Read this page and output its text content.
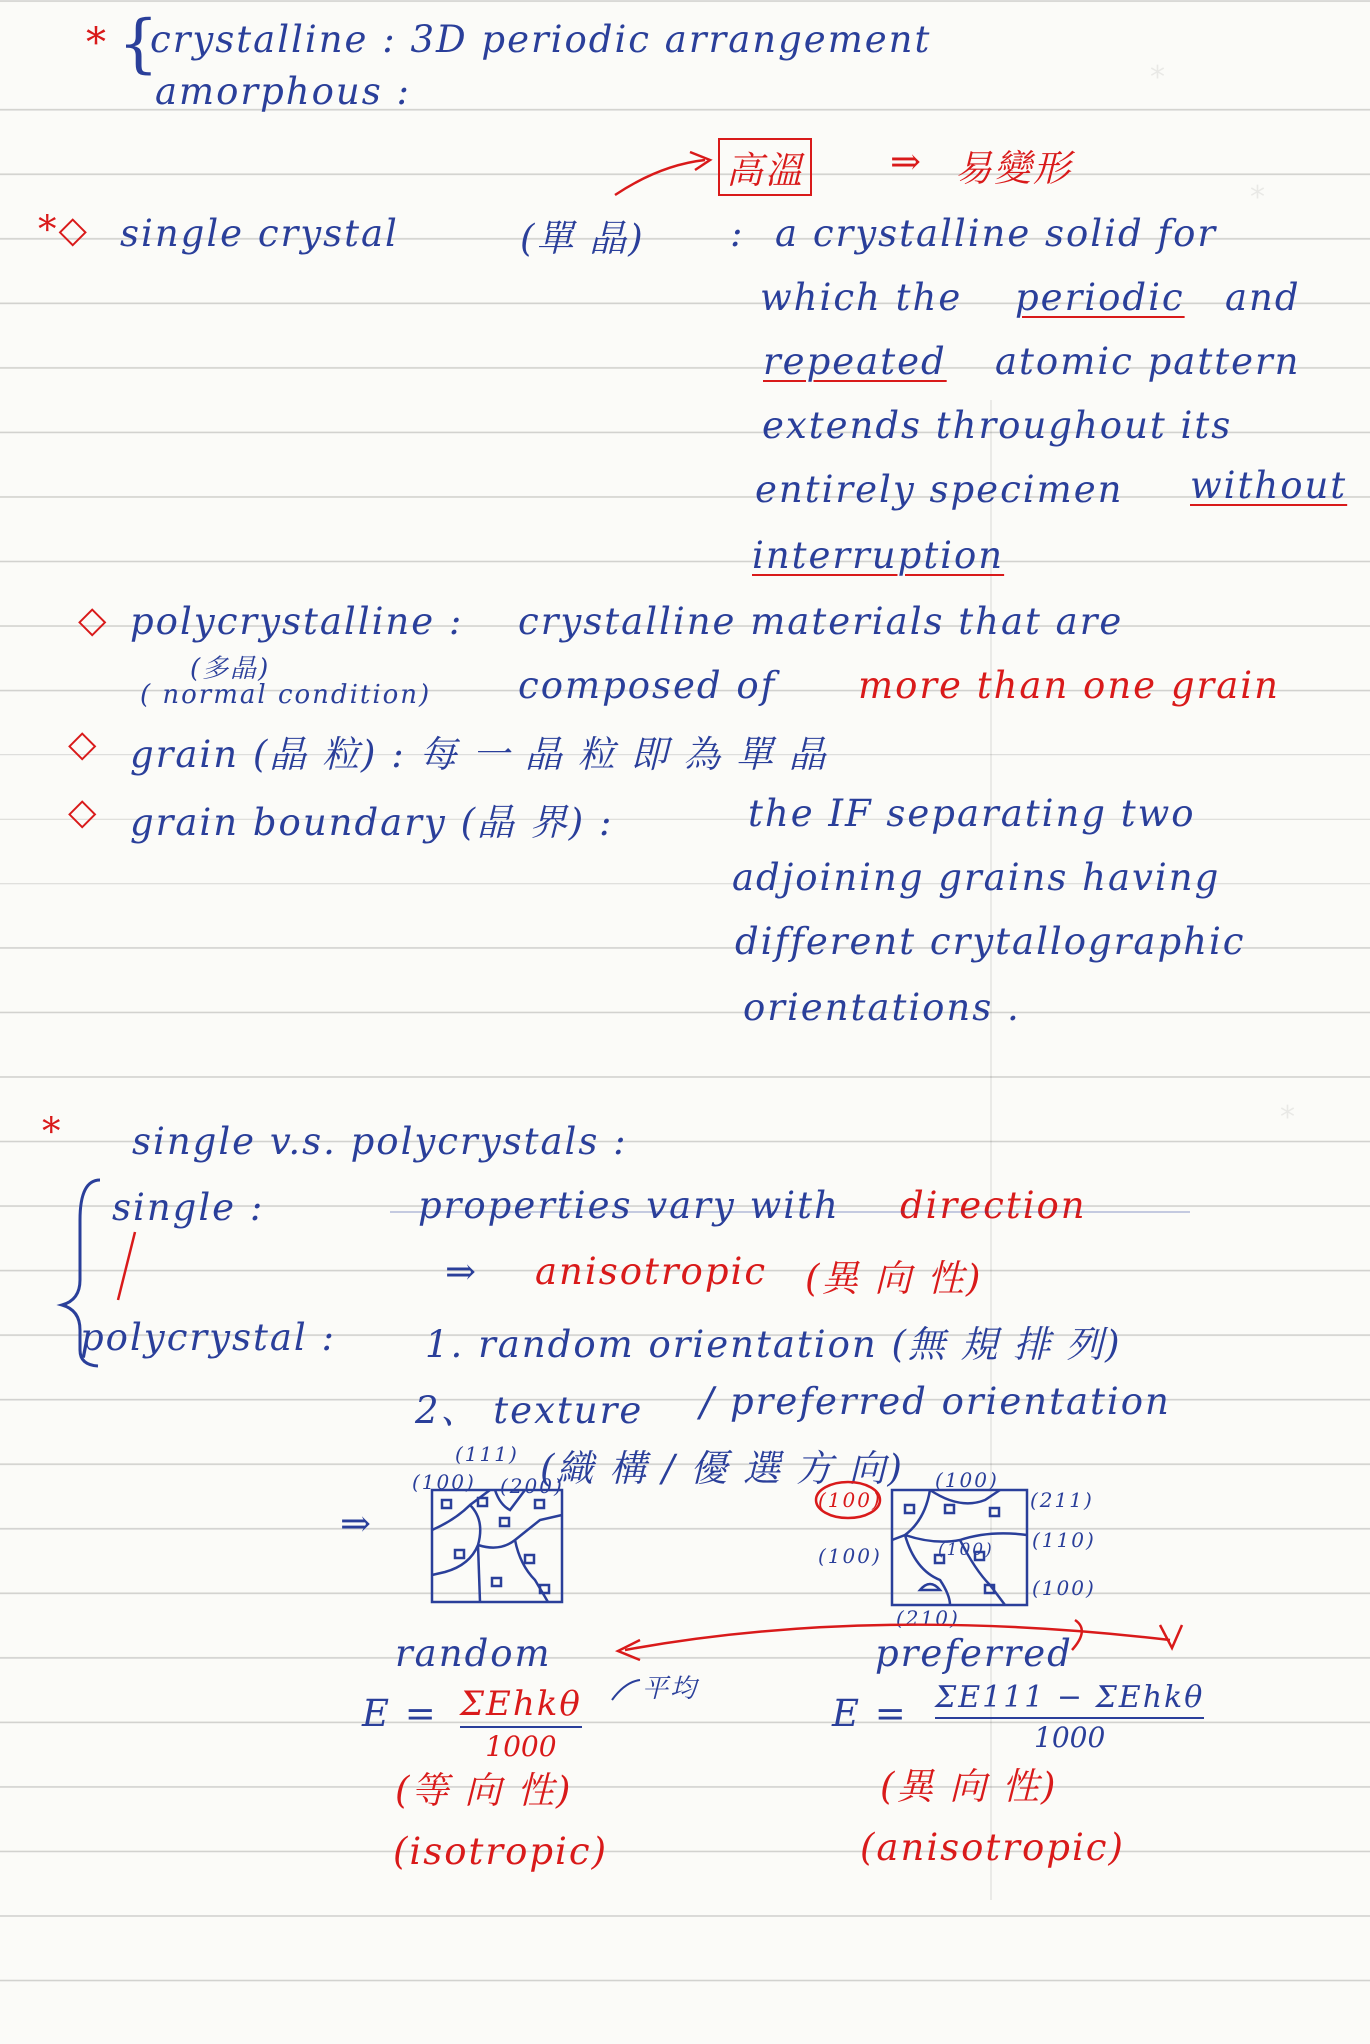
*
*
*
* {
crystalline : 3D periodic arrangement
amorphous :
高溫 ⇒ 易變形
*◇ single crystal	(單 晶) : a crystalline solid for
which the periodic and
repeated atomic pattern
extends throughout its
entirely specimen without
interruption
◇ polycrystalline :
(多晶)
( normal condition)
crystalline materials that are
composed of more than one grain
◇ grain (晶 粒) : 每 一 晶 粒 即 為 單 晶
◇ grain boundary (晶 界) :	the IF separating two
adjoining grains having
different crytallographic
orientations .
* single v.s. polycrystals :
single :	properties vary with direction
⇒ anisotropic (異 向 性)
polycrystal : 1. random orientation (無 規 排 列)
2、 texture / preferred orientation
(織 構 / 優 選 方 向)
⇒
(111)
(100) (200)
(100)
(100)
(211)
(100)	(100) (110)
(100)
(210)
random	preferred
平均
E = ΣEhkθ
1000
E = ΣE111 − ΣEhkθ
1000
(等 向 性)	(異 向 性)
(isotropic)	(anisotropic)
